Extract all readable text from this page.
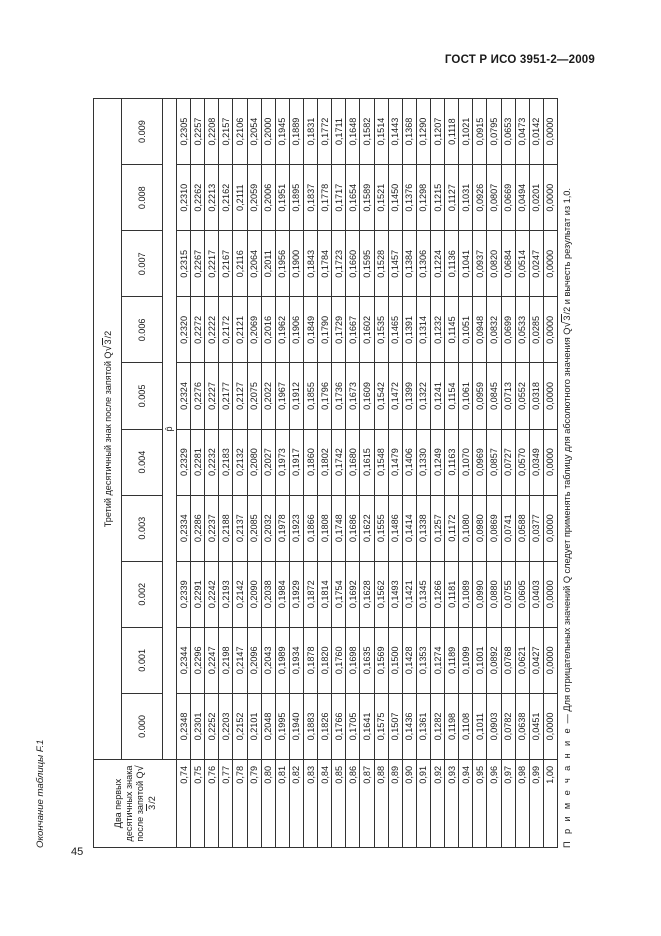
ГОСТ Р ИСО 3951-2—2009
Окончание таблицы F.1	Два первых десятичных знака после запятой Q√3/2	Третий десятичный знак после запятой Q√3/2									
	0.000	0.001	0.002	0.003	0.004	0.005	0.006	0.007	0.008	0.009
	p̂									
0,74	0,2348	0,2344	0,2339	0,2334	0,2329	0,2324	0,2320	0,2315	0,2310	0,2305
0,75	0,2301	0,2296	0,2291	0,2286	0,2281	0,2276	0,2272	0,2267	0,2262	0,2257
0,76	0,2252	0,2247	0,2242	0,2237	0,2232	0,2227	0,2222	0,2217	0,2213	0,2208
0,77	0,2203	0,2198	0,2193	0,2188	0,2183	0,2177	0,2172	0,2167	0,2162	0,2157
0,78	0,2152	0,2147	0,2142	0,2137	0,2132	0,2127	0,2121	0,2116	0,2111	0,2106
0,79	0,2101	0,2096	0,2090	0,2085	0,2080	0,2075	0,2069	0,2064	0,2059	0,2054
0,80	0,2048	0,2043	0,2038	0,2032	0,2027	0,2022	0,2016	0,2011	0,2006	0,2000
0,81	0,1995	0,1989	0,1984	0,1978	0,1973	0,1967	0,1962	0,1956	0,1951	0,1945
0,82	0,1940	0,1934	0,1929	0,1923	0,1917	0,1912	0,1906	0,1900	0,1895	0,1889
0,83	0,1883	0,1878	0,1872	0,1866	0,1860	0,1855	0,1849	0,1843	0,1837	0,1831
0,84	0,1826	0,1820	0,1814	0,1808	0,1802	0,1796	0,1790	0,1784	0,1778	0,1772
0,85	0,1766	0,1760	0,1754	0,1748	0,1742	0,1736	0,1729	0,1723	0,1717	0,1711
0,86	0,1705	0,1698	0,1692	0,1686	0,1680	0,1673	0,1667	0,1660	0,1654	0,1648
0,87	0,1641	0,1635	0,1628	0,1622	0,1615	0,1609	0,1602	0,1595	0,1589	0,1582
0,88	0,1575	0,1569	0,1562	0,1555	0,1548	0,1542	0,1535	0,1528	0,1521	0,1514
0,89	0,1507	0,1500	0,1493	0,1486	0,1479	0,1472	0,1465	0,1457	0,1450	0,1443
0,90	0,1436	0,1428	0,1421	0,1414	0,1406	0,1399	0,1391	0,1384	0,1376	0,1368
0,91	0,1361	0,1353	0,1345	0,1338	0,1330	0,1322	0,1314	0,1306	0,1298	0,1290
0,92	0,1282	0,1274	0,1266	0,1257	0,1249	0,1241	0,1232	0,1224	0,1215	0,1207
0,93	0,1198	0,1189	0,1181	0,1172	0,1163	0,1154	0,1145	0,1136	0,1127	0,1118
0,94	0,1108	0,1099	0,1089	0,1080	0,1070	0,1061	0,1051	0,1041	0,1031	0,1021
0,95	0,1011	0,1001	0,0990	0,0980	0,0969	0,0959	0,0948	0,0937	0,0926	0,0915
0,96	0,0903	0,0892	0,0880	0,0869	0,0857	0,0845	0,0832	0,0820	0,0807	0,0795
0,97	0,0782	0,0768	0,0755	0,0741	0,0727	0,0713	0,0699	0,0684	0,0669	0,0653
0,98	0,0638	0,0621	0,0605	0,0588	0,0570	0,0552	0,0533	0,0514	0,0494	0,0473
0,99	0,0451	0,0427	0,0403	0,0377	0,0349	0,0318	0,0285	0,0247	0,0201	0,0142
1,00	0,0000	0,0000	0,0000	0,0000	0,0000	0,0000	0,0000	0,0000	0,0000	0,0000
П р и м е ч а н и е — Для отрицательных значений Q следует применять таблицу для абсолютного значения Q√3/2 и вычесть результат из 1,0.
45
